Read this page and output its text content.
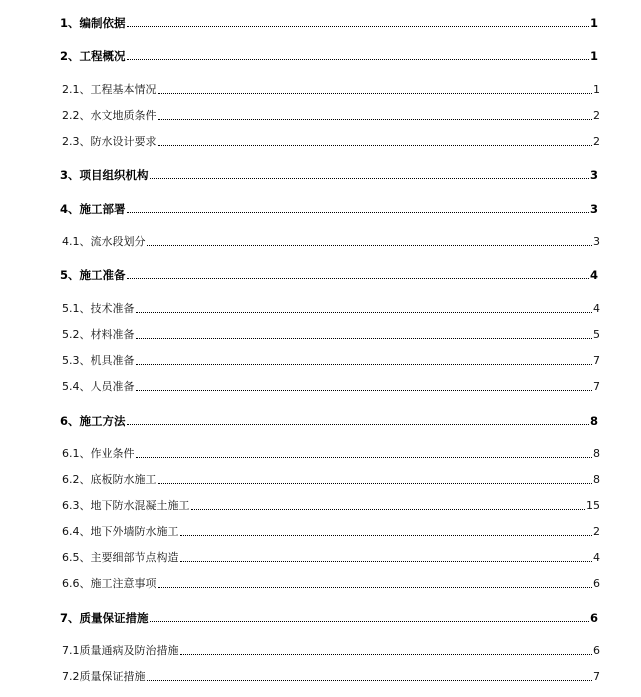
1、编制依据	1
2、工程概况	1
2.1、工程基本情况	1
2.2、水文地质条件	2
2.3、防水设计要求	2
3、项目组织机构	3
4、施工部署	3
4.1、流水段划分	3
5、施工准备	4
5.1、技术准备	4
5.2、材料准备	5
5.3、机具准备	7
5.4、人员准备	7
6、施工方法	8
6.1、作业条件	8
6.2、底板防水施工	8
6.3、地下防水混凝土施工	15
6.4、地下外墙防水施工	2
6.5、主要细部节点构造	4
6.6、施工注意事项	6
7、质量保证措施	6
7.1质量通病及防治措施	6
7.2质量保证措施	7
